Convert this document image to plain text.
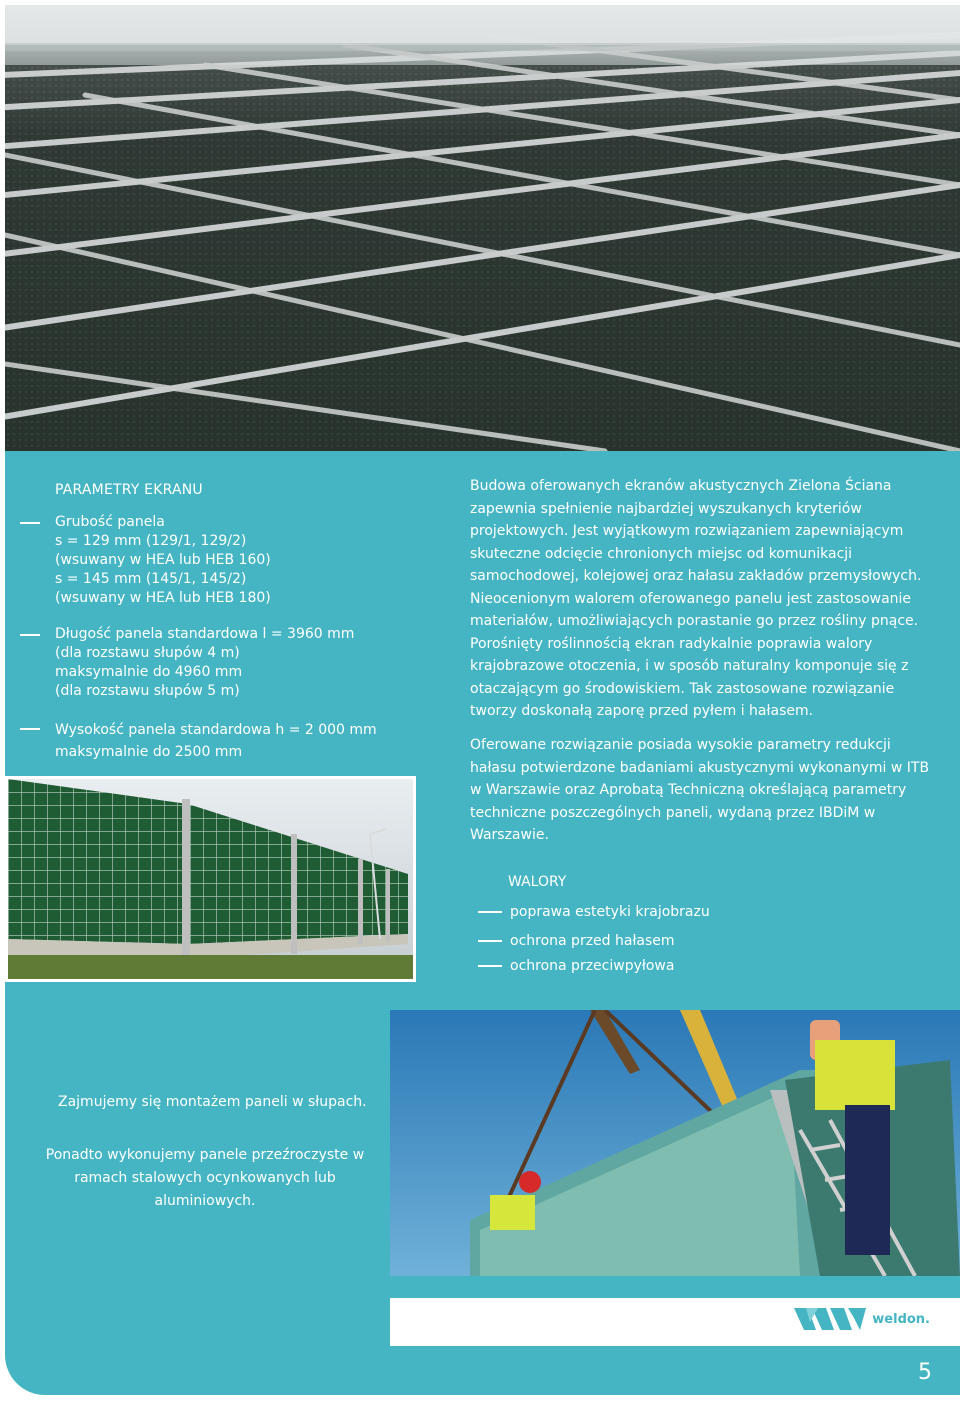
PARAMETRY EKRANU
Grubość panela
s = 129 mm (129/1, 129/2)
(wsuwany w HEA lub HEB 160)
s = 145 mm (145/1, 145/2)
(wsuwany w HEA lub HEB 180)
Długość panela standardowa l = 3960 mm
(dla rozstawu słupów 4 m)
maksymalnie do 4960 mm
(dla rozstawu słupów 5 m)
Wysokość panela standardowa h = 2 000 mm
maksymalnie do 2500 mm

Budowa oferowanych ekranów akustycznych Zielona Ściana zapewnia spełnienie najbardziej wyszukanych kryteriów projektowych. Jest wyjątkowym rozwiązaniem zapewniającym skuteczne odcięcie chronionych miejsc od komunikacji samochodowej, kolejowej oraz hałasu zakładów przemysłowych. Nieocenionym walorem oferowanego panelu jest zastosowanie materiałów, umożliwiających porastanie go przez rośliny pnące. Porośnięty roślinnością ekran radykalnie poprawia walory krajobrazowe otoczenia, i w sposób naturalny komponuje się z otaczającym go środowiskiem. Tak zastosowane rozwiązanie tworzy doskonałą zaporę przed pyłem i hałasem.

Oferowane rozwiązanie posiada wysokie parametry redukcji hałasu potwierdzone badaniami akustycznymi wykonanymi w ITB w Warszawie oraz Aprobatą Techniczną określającą parametry techniczne poszczególnych paneli, wydaną przez IBDiM w Warszawie.

WALORY
poprawa estetyki krajobrazu
ochrona przed hałasem
ochrona przeciwpyłowa
Zajmujemy się montażem paneli w słupach.
Ponadto wykonujemy panele przeźroczyste w ramach stalowych ocynkowanych lub aluminiowych.
weldon.
5
